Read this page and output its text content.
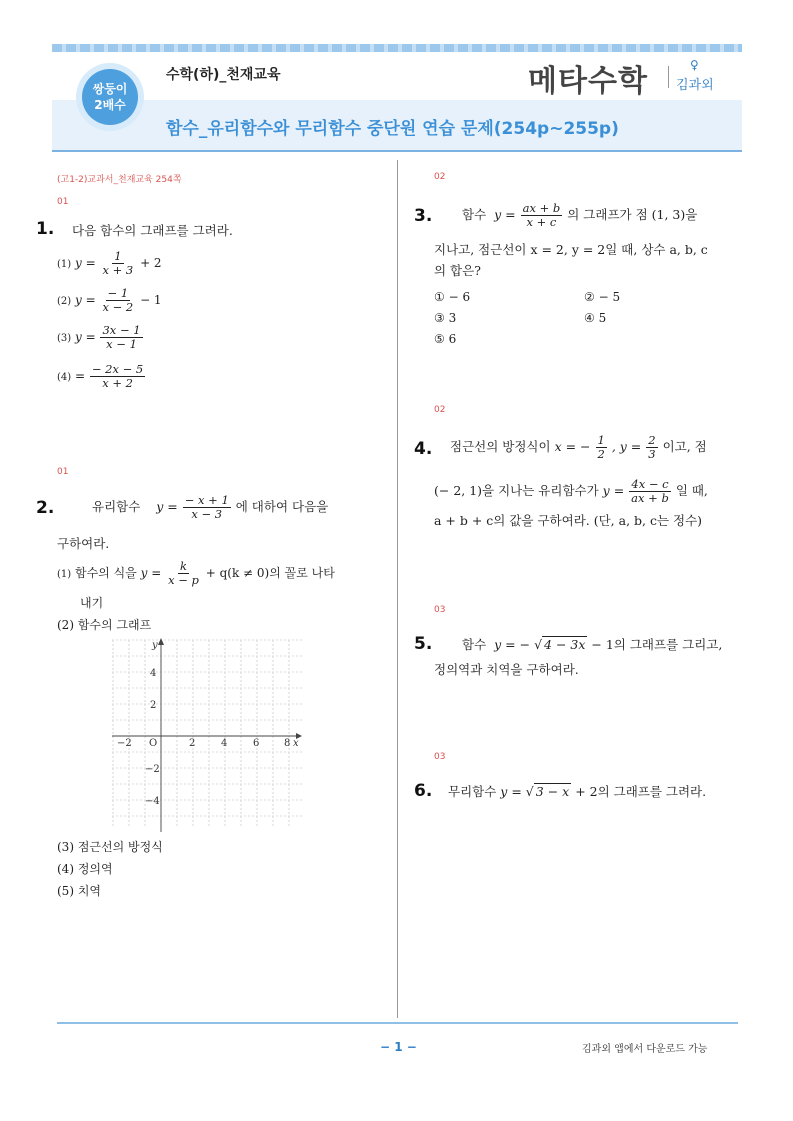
쌍둥이
2배수
수학(하)_천재교육
함수_유리함수와 무리함수 중단원 연습 문제(254p~255p)
메타수학	♀
김과외
(고1-2)교과서_천재교육 254쪽
01
1. 다음 함수의 그래프를 그려라.
(1) $y = \frac{1}{x + 3} + 2$
(2) $y = \frac{- 1}{x - 2} - 1$
(3) $y = \frac{3x - 1}{x - 1}$
$(4) = \frac{- 2x - 5}{x + 2}$
01
2.	유리함수 $y = \frac{- x + 1}{x - 3}$ 에 대하여 다음을
구하여라.
(1) 함수의 식을 $y = \frac{k}{x - p} + q(k \ne 0)$의 꼴로 나타
내기
(2) 함수의 그래프
y
x
O
−2	2	4	6 8
4
2
−2
−4
(3) 점근선의 방정식
(4) 정의역
(5) 치역
02
3. 함수 $y = \frac{ax + b}{x + c}$ 의 그래프가 점 (1, 3)을
지나고, 점근선이 x = 2, y = 2일 때, 상수 a, b, c
의 합은?
① − 6	② − 5
③ 3	④ 5
⑤ 6
02
4. 점근선의 방정식이 x = − $\frac{1}{2}$ , $y = \frac{2}{3}$ 이고, 점
(− 2, 1)을 지나는 유리함수가 $y = \frac{4x - c}{ax + b}$ 일 때,
a + b + c의 값을 구하여라. (단, a, b, c는 정수)
03
5. 함수 y = − √ 4 − 3x − 1의 그래프를 그리고,
정의역과 치역을 구하여라.
03
6. 무리함수 y = √ 3 − x + 2의 그래프를 그려라.
− 1 −	김과외 앱에서 다운로드 가능
